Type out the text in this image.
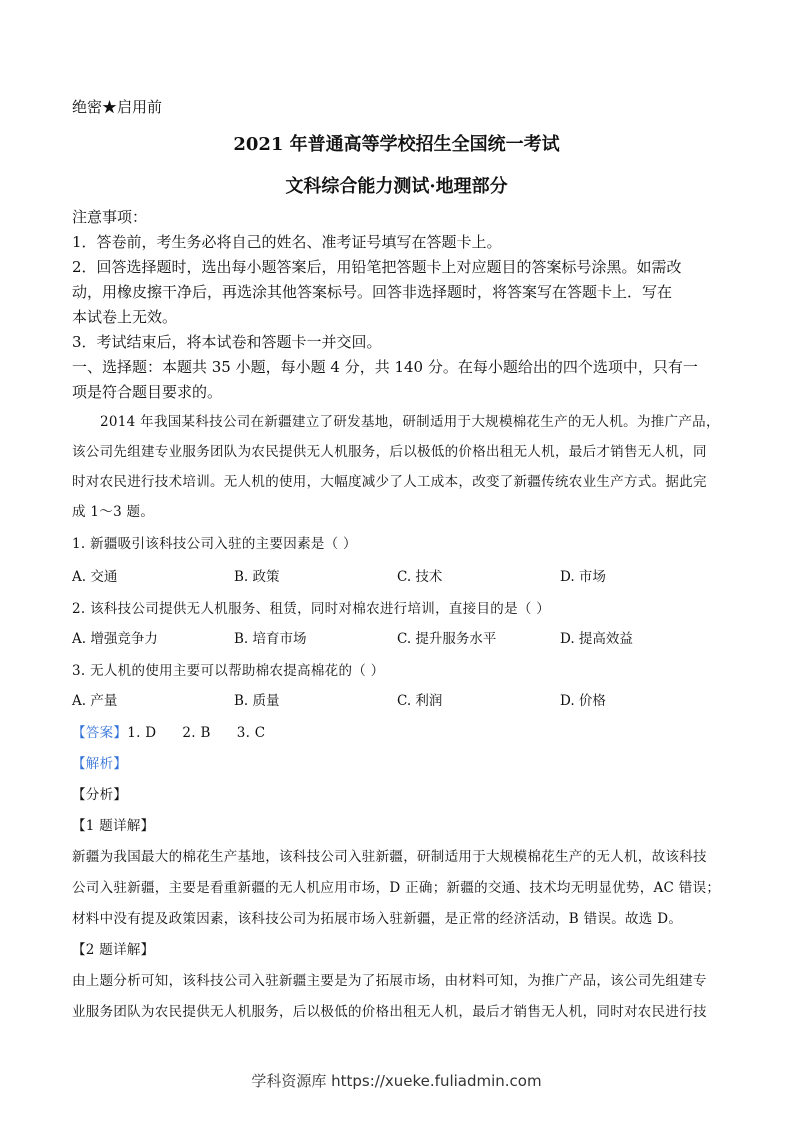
绝密★启用前
2021 年普通高等学校招生全国统一考试
文科综合能力测试·地理部分
注意事项：
1．答卷前，考生务必将自己的姓名、准考证号填写在答题卡上。
2．回答选择题时，选出每小题答案后，用铅笔把答题卡上对应题目的答案标号涂黑。如需改
动，用橡皮擦干净后，再选涂其他答案标号。回答非选择题时，将答案写在答题卡上．写在
本试卷上无效。
3．考试结束后，将本试卷和答题卡一并交回。
一、选择题：本题共 35 小题，每小题 4 分，共 140 分。在每小题给出的四个选项中，只有一
项是符合题目要求的。
2014 年我国某科技公司在新疆建立了研发基地，研制适用于大规模棉花生产的无人机。为推广产品，
该公司先组建专业服务团队为农民提供无人机服务，后以极低的价格出租无人机，最后才销售无人机，同
时对农民进行技术培训。无人机的使用，大幅度减少了人工成本，改变了新疆传统农业生产方式。据此完
成 1～3 题。
1. 新疆吸引该科技公司入驻的主要因素是（ ）
A. 交通	B. 政策	C. 技术	D. 市场
2. 该科技公司提供无人机服务、租赁，同时对棉农进行培训，直接目的是（ ）
A. 增强竞争力	B. 培育市场	C. 提升服务水平	D. 提高效益
3. 无人机的使用主要可以帮助棉农提高棉花的（ ）
A. 产量	B. 质量	C. 利润	D. 价格
【答案】1. D 2. B 3. C
【解析】
【分析】
【1 题详解】
新疆为我国最大的棉花生产基地，该科技公司入驻新疆，研制适用于大规模棉花生产的无人机，故该科技
公司入驻新疆，主要是看重新疆的无人机应用市场，D 正确；新疆的交通、技术均无明显优势，AC 错误；
材料中没有提及政策因素，该科技公司为拓展市场入驻新疆，是正常的经济活动，B 错误。故选 D。
【2 题详解】
由上题分析可知，该科技公司入驻新疆主要是为了拓展市场，由材料可知，为推广产品，该公司先组建专
业服务团队为农民提供无人机服务，后以极低的价格出租无人机，最后才销售无人机，同时对农民进行技
学科资源库 https://xueke.fuliadmin.com
